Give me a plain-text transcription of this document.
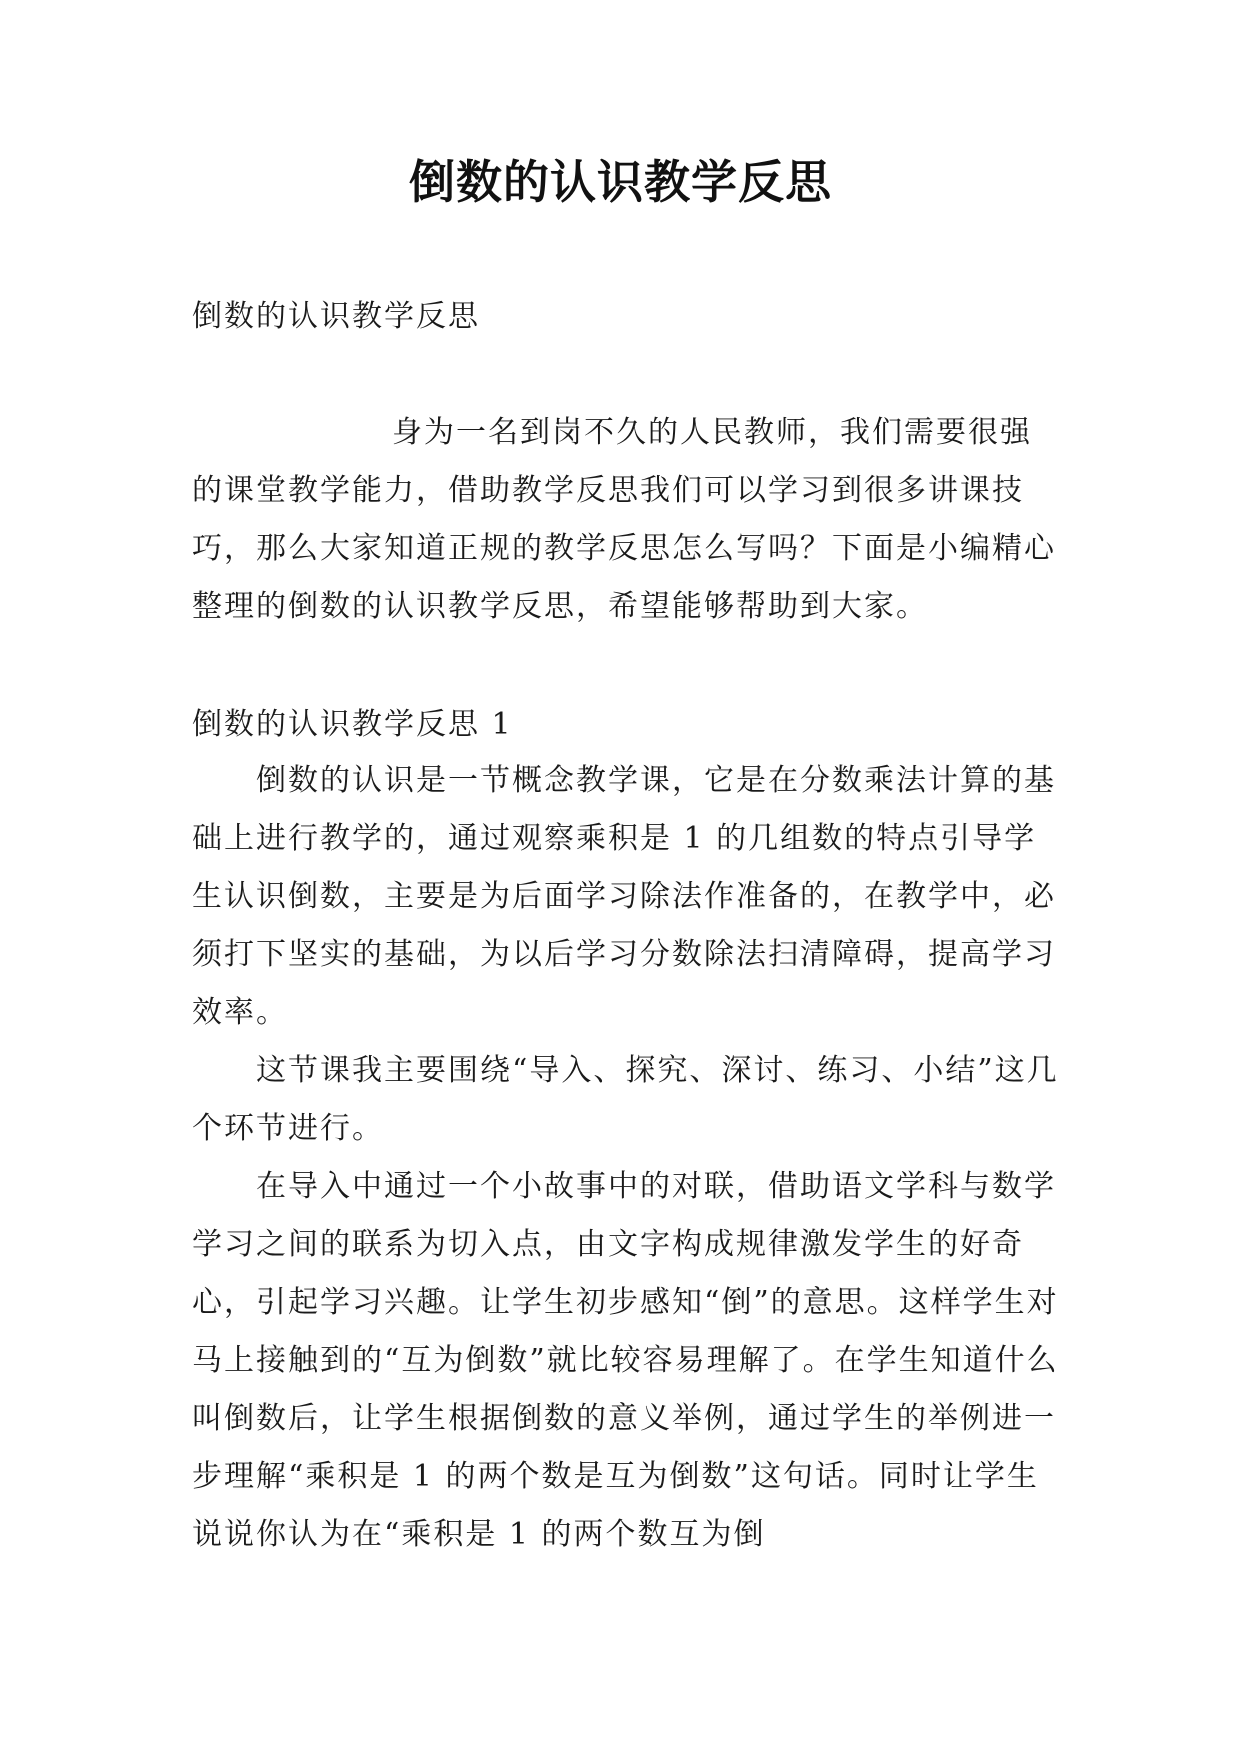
倒数的认识教学反思
倒数的认识教学反思
身为一名到岗不久的人民教师，我们需要很强的课堂教学能力，借助教学反思我们可以学习到很多讲课技巧，那么大家知道正规的教学反思怎么写吗？下面是小编精心整理的倒数的认识教学反思，希望能够帮助到大家。
倒数的认识教学反思 1

倒数的认识是一节概念教学课，它是在分数乘法计算的基础上进行教学的，通过观察乘积是 1 的几组数的特点引导学生认识倒数，主要是为后面学习除法作准备的，在教学中，必须打下坚实的基础，为以后学习分数除法扫清障碍，提高学习效率。

这节课我主要围绕“导入、探究、深讨、练习、小结”这几个环节进行。

在导入中通过一个小故事中的对联，借助语文学科与数学学习之间的联系为切入点，由文字构成规律激发学生的好奇心，引起学习兴趣。让学生初步感知“倒”的意思。这样学生对马上接触到的“互为倒数”就比较容易理解了。在学生知道什么叫倒数后，让学生根据倒数的意义举例，通过学生的举例进一步理解“乘积是 1 的两个数是互为倒数”这句话。同时让学生说说你认为在“乘积是 1 的两个数互为倒
